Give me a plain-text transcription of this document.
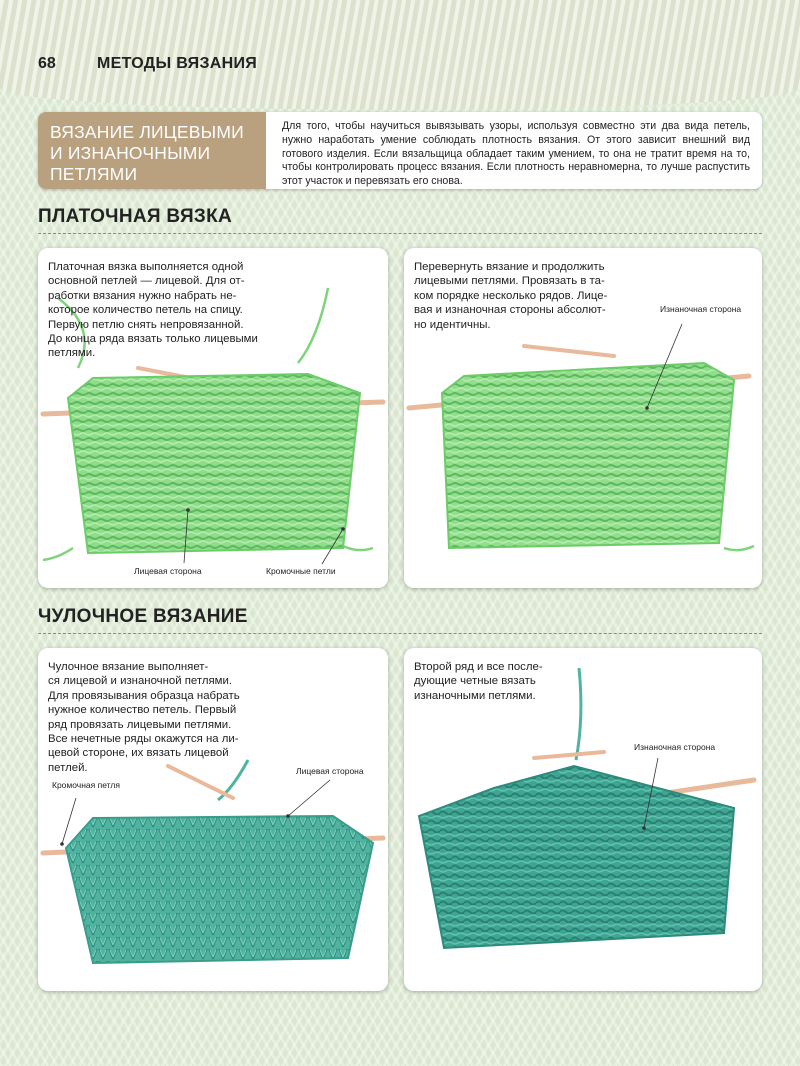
68	МЕТОДЫ ВЯЗАНИЯ
ВЯЗАНИЕ ЛИЦЕВЫМИ И ИЗНАНОЧНЫМИ ПЕТЛЯМИ
Для того, чтобы научиться вывязывать узоры, используя совместно эти два вида петель, нужно наработать умение соблюдать плотность вязания. От этого зависит внешний вид готового изделия. Если вязальщица обладает таким умением, то она не тратит время на то, чтобы контролировать процесс вязания. Если плотность неравномерна, то лучше распустить этот участок и перевязать его снова.
ПЛАТОЧНАЯ ВЯЗКА
Платочная вязка выполняется одной
основной петлей — лицевой. Для от-
работки вязания нужно набрать не-
которое количество петель на спицу.
Первую петлю снять непровязанной.
До конца ряда вязать только лицевыми
петлями.
Лицевая сторона	Кромочные петли
Перевернуть вязание и продолжить
лицевыми петлями. Провязать в та-
ком порядке несколько рядов. Лице-
вая и изнаночная стороны абсолют-
но идентичны.
Изнаночная сторона
ЧУЛОЧНОЕ ВЯЗАНИЕ
Чулочное вязание выполняет-
ся лицевой и изнаночной петлями.
Для провязывания образца набрать
нужное количество петель. Первый
ряд провязать лицевыми петлями.
Все нечетные ряды окажутся на ли-
цевой стороне, их вязать лицевой
петлей.
Кромочная петля
Лицевая сторона
Второй ряд и все после-
дующие четные вязать
изнаночными петлями.
Изнаночная сторона
